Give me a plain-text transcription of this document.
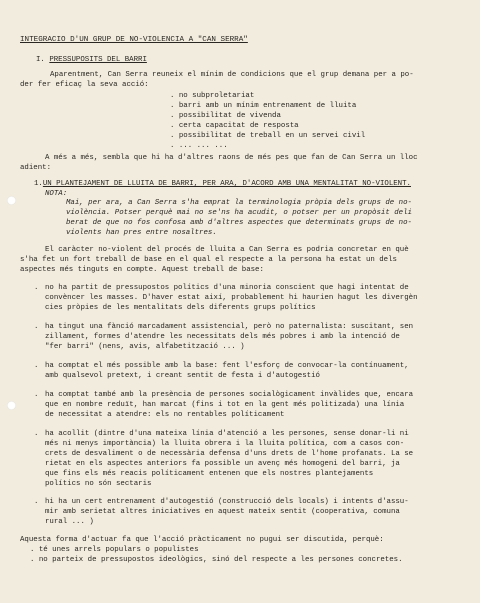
INTEGRACIO D'UN GRUP DE NO-VIOLENCIA A "CAN SERRA"
I. PRESSUPOSITS DEL BARRI
Aparentment, Can Serra reuneix el mínim de condicions que el grup demana per a po-
der fer eficaç la seva acció:
. no subproletariat
. barri amb un mínim entrenament de lluita
. possibilitat de vivenda
. certa capacitat de resposta
. possibilitat de treball en un servei civil
. ... ... ...
A més a més, sembla que hi ha d'altres raons de més pes que fan de Can Serra un lloc
adient:
1.UN PLANTEJAMENT DE LLUITA DE BARRI, PER ARA, D'ACORD AMB UNA MENTALITAT NO-VIOLENT.
NOTA:
Mai, per ara, a Can Serra s'ha emprat la terminologia pròpia dels grups de no-
violència. Potser perquè mai no se'ns ha acudit, o potser per un propòsit deli
berat de que no fos confosa amb d'altres aspectes que determinats grups de no-
violents han pres entre nosaltres.
El caràcter no-violent del procés de lluita a Can Serra es podria concretar en què
s'ha fet un fort treball de base en el qual el respecte a la persona ha estat un dels
aspectes més tinguts en compte. Aquest treball de base:
. no ha partit de pressupostos polítics d'una minoria conscient que hagi intentat de
convèncer les masses. D'haver estat així, probablement hi haurien hagut les divergèn
cies pròpies de les mentalitats dels diferents grups polítics
. ha tingut una fànció marcadament assistencial, però no paternalista: suscitant, sen
zillament, formes d'atendre les necessitats dels més pobres i amb la intenció de
"fer barri" (nens, avis, alfabetització ... )
. ha comptat el més possible amb la base: fent l'esforç de convocar-la contínuament,
amb qualsevol pretext, i creant sentit de festa i d'autogestió
. ha comptat també amb la presència de persones socialògicament invàlides que, encara
que en nombre reduït, han marcat (fins i tot en la gent més politizada) una línia
de necessitat a atendre: els no rentables políticament
. ha acollit (dintre d'una mateixa línia d'atenció a les persones, sense donar-li ni
més ni menys importància) la lluita obrera i la lluita política, com a casos con-
crets de desvaliment o de necessària defensa d'uns drets de l'home profanats. La se
rietat en els aspectes anteriors fa possible un avenç més homogeni del barri, ja
que fins els més reacis políticament entenen que els nostres plantejaments
polítics no són sectaris
. hi ha un cert entrenament d'autogestió (construcció dels locals) i intents d'assu-
mir amb serietat altres iniciatives en aquest mateix sentit (cooperativa, comuna
rural ... )
Aquesta forma d'actuar fa que l'acció pràcticament no pugui ser discutida, perquè:
. té unes arrels populars o populistes
. no parteix de pressupostos ideològics, sinó del respecte a les persones concretes.
